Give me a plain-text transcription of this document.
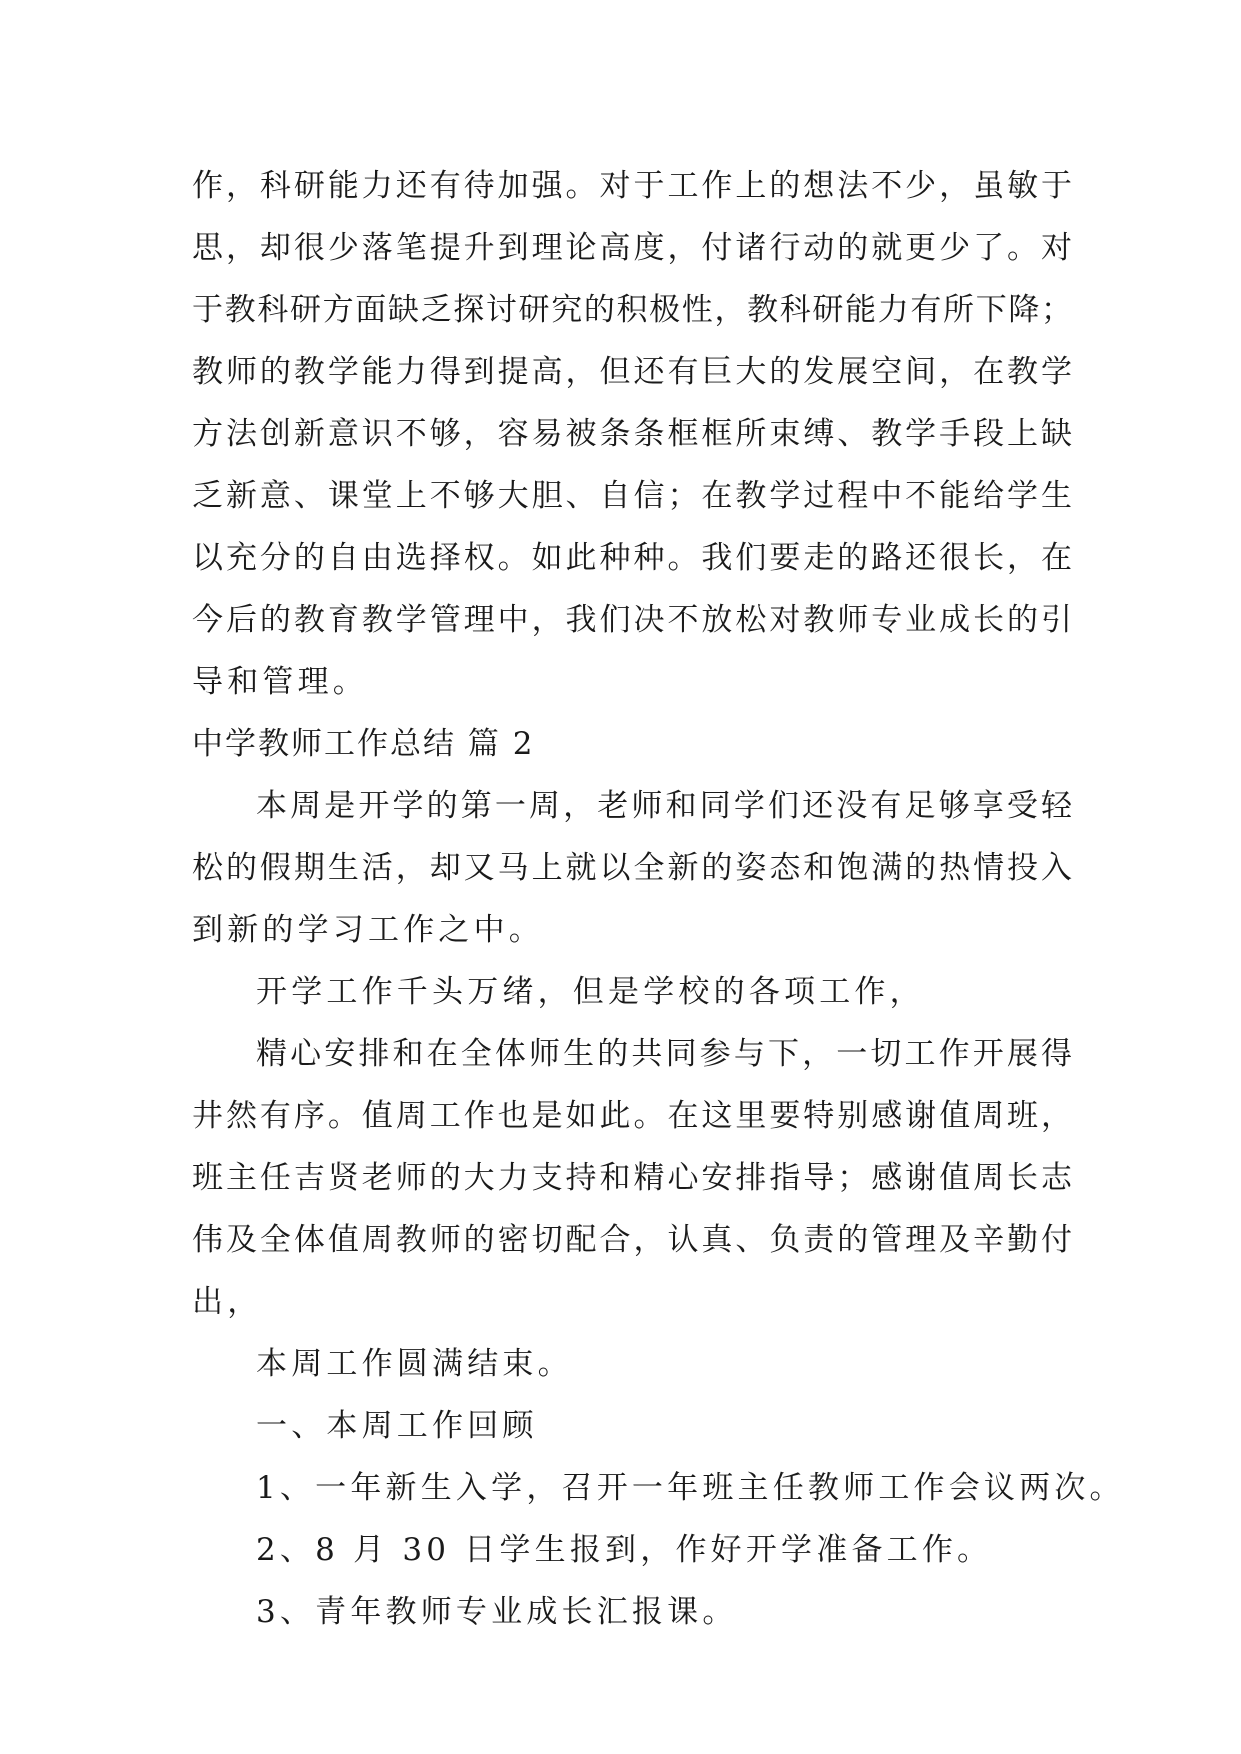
作，科研能力还有待加强。对于工作上的想法不少，虽敏于
思，却很少落笔提升到理论高度，付诸行动的就更少了。对
于教科研方面缺乏探讨研究的积极性，教科研能力有所下降；
教师的教学能力得到提高，但还有巨大的发展空间，在教学
方法创新意识不够，容易被条条框框所束缚、教学手段上缺
乏新意、课堂上不够大胆、自信；在教学过程中不能给学生
以充分的自由选择权。如此种种。我们要走的路还很长，在
今后的教育教学管理中，我们决不放松对教师专业成长的引
导和管理。
中学教师工作总结 篇 2
本周是开学的第一周，老师和同学们还没有足够享受轻
松的假期生活，却又马上就以全新的姿态和饱满的热情投入
到新的学习工作之中。
开学工作千头万绪，但是学校的各项工作，
精心安排和在全体师生的共同参与下，一切工作开展得
井然有序。值周工作也是如此。在这里要特别感谢值周班，
班主任吉贤老师的大力支持和精心安排指导；感谢值周长志
伟及全体值周教师的密切配合，认真、负责的管理及辛勤付
出，
本周工作圆满结束。
一、本周工作回顾
1、一年新生入学，召开一年班主任教师工作会议两次。
2、8 月 30 日学生报到，作好开学准备工作。
3、青年教师专业成长汇报课。
